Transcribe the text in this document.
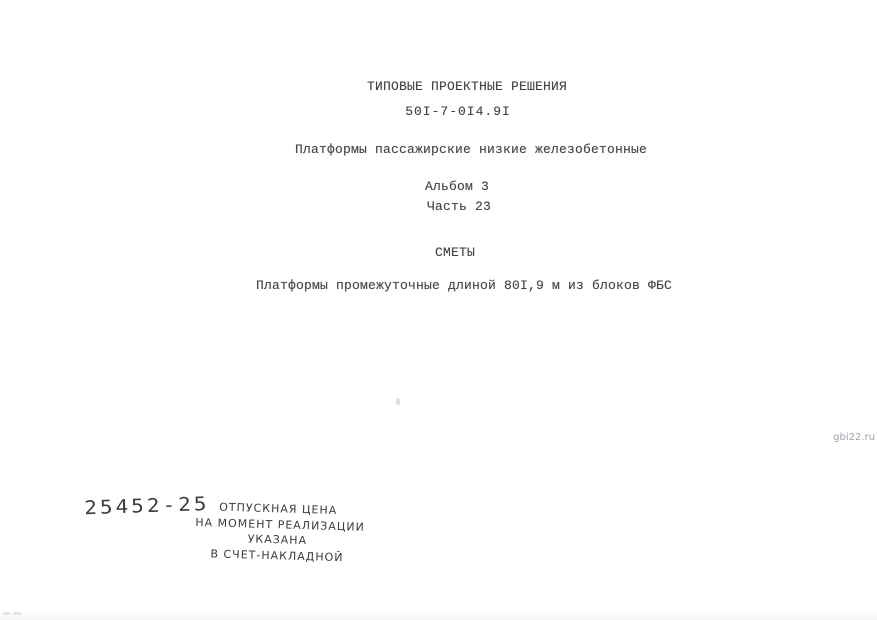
ТИПОВЫЕ ПРОЕКТНЫЕ РЕШЕНИЯ
50I-7-0I4.9I
Платформы пассажирские низкие железобетонные
Альбом 3
Часть 23
СМЕТЫ
Платформы промежуточные длиной 80I,9 м из блоков ФБС
25452-25 ОТПУСКНАЯ ЦЕНА
НА МОМЕНТ РЕАЛИЗАЦИИ
УКАЗАНА
В СЧЕТ-НАКЛАДНОЙ
gbi22.ru
